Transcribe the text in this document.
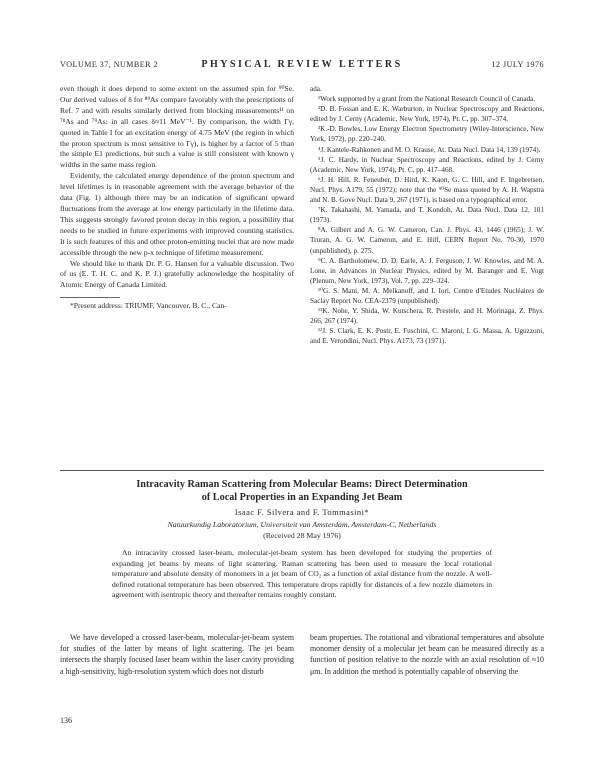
VOLUME 37, NUMBER 2	PHYSICAL REVIEW LETTERS	12 JULY 1976

even though it does depend to some extent on the assumed spin for ⁹⁰Se. Our derived values of δ for ⁸⁹As compare favorably with the prescriptions of Ref. 7 and with results similarly derived from blocking measurements¹¹ on ⁷⁸As and ⁷⁹As: in all cases δ≈11 MeV⁻¹. By comparison, the width Γγ, quoted in Table I for an excitation energy of 4.75 MeV (the region in which the proton spectrum is most sensitive to Γγ), is higher by a factor of 5 than the simple E1 predictions, but such a value is still consistent with known γ widths in the same mass region.

Evidently, the calculated energy dependence of the proton spectrum and level lifetimes is in reasonable agreement with the average behavior of the data (Fig. 1) although there may be an indication of significant upward fluctuations from the average at low energy particularly in the lifetime data. This suggests strongly favored proton decay in this region, a possibility that needs to be studied in future experiments with improved counting statistics. It is such features of this and other proton-emitting nuclei that are now made accessible through the new p-x technique of lifetime measurement.

We should like to thank Dr. P. G. Hansen for a valuable discussion. Two of us (E. T. H. C. and K. P. J.) gratefully acknowledge the hospitality of Atomic Energy of Canada Limited.

*Present address: TRIUMF, Vancouver, B. C., Can-

ada.

¹Work supported by a grant from the National Research Council of Canada.

²D. B. Fossan and E. K. Warburton, in Nuclear Spectroscopy and Reactions, edited by J. Cerny (Academic, New York, 1974), Pt. C, pp. 307–374.

³K.-D. Bowles, Low Energy Electron Spectrometry (Wiley-Interscience, New York, 1972), pp. 220–240.

⁴J. Kantele-Rahkonen and M. O. Krause, At. Data Nucl. Data 14, 139 (1974).

⁵J. C. Hardy, in Nuclear Spectroscopy and Reactions, edited by J. Cerny (Academic, New York, 1974), Pt. C, pp. 417–468.

⁶J. H. Hill, R. Feneuber, D. Hird, K. Kaon, G. C. Hill, and F. Ingebretsen, Nucl. Phys. A179, 55 (1972); note that the ⁹⁰Se mass quoted by A. H. Wapstra and N. B. Gove Nucl. Data 9, 267 (1971), is based on a typographical error.

⁷K. Takahashi, M. Yamada, and T. Kondoh, At. Data Nucl. Data 12, 101 (1973).

⁸A. Gilbert and A. G. W. Cameron, Can. J. Phys. 43, 1446 (1965); J. W. Truran, A. G. W. Cameron, and E. Hilf, CERN Report No. 70-30, 1970 (unpublished), p. 275.

⁹C. A. Bartholomew, D. D. Earle, A. J. Ferguson, J. W. Knowles, and M. A. Lone, in Advances in Nuclear Physics, edited by M. Baranger and E. Vogt (Plenum, New York, 1973), Vol. 7, pp. 229–324.

¹⁰G. S. Mani, M. A. Melkanoff, and I. Iori, Centre d'Etudes Nucléaires de Saclay Report No. CEA-2379 (unpublished).

¹¹K. Nohe, Y. Shida, W. Kutschera, R. Prestele, and H. Morinaga, Z. Phys. 266, 267 (1974).

¹²J. S. Clark, E. K. Postr, E. Fuschini, C. Maroni, I. G. Massa, A. Uguzzoni, and E. Verondini, Nucl. Phys. A173, 73 (1971).

Intracavity Raman Scattering from Molecular Beams: Direct Determination
of Local Properties in an Expanding Jet Beam
Isaac F. Silvera and F. Tommasini*
Natuurkundig Laboratorium, Universiteit van Amsterdam, Amsterdam-C, Netherlands
(Received 28 May 1976)
An intracavity crossed laser-beam, molecular-jet-beam system has been developed for studying the properties of expanding jet beams by means of light scattering. Raman scattering has been used to measure the local rotational temperature and absolute density of monomers in a jet beam of CO₂ as a function of axial distance from the nozzle. A well-defined rotational temperature has been observed. This temperature drops rapidly for distances of a few nozzle diameters in agreement with isentropic theory and thereafter remains roughly constant.
We have developed a crossed laser-beam, molecular-jet-beam system for studies of the latter by means of light scattering. The jet beam intersects the sharply focused laser beam within the laser cavity providing a high-sensitivity, high-resolution system which does not disturb
beam properties. The rotational and vibrational temperatures and absolute monomer density of a molecular jet beam can be measured directly as a function of position relative to the nozzle with an axial resolution of ≈10 μm. In addition the method is potentially capable of observing the
136
